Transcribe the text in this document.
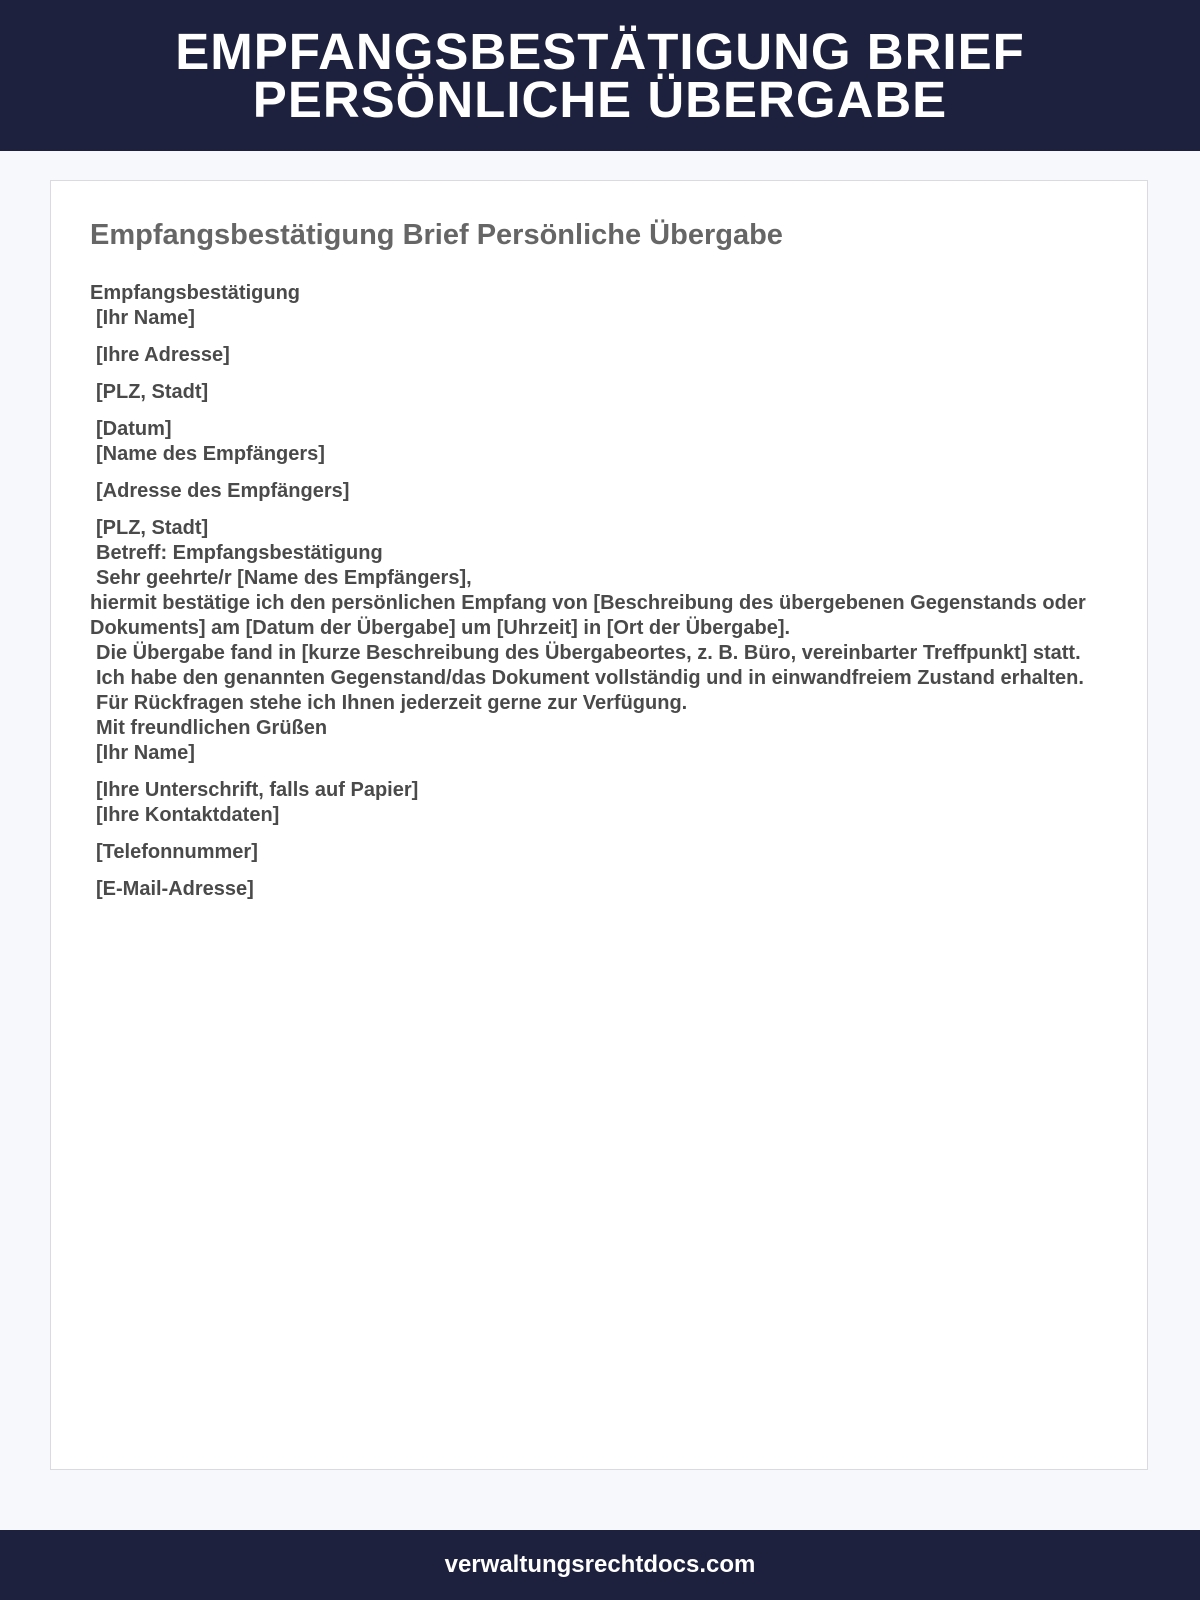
EMPFANGSBESTÄTIGUNG BRIEF
PERSÖNLICHE ÜBERGABE
Empfangsbestätigung Brief Persönliche Übergabe
Empfangsbestätigung
[Ihr Name]
[Ihre Adresse]
[PLZ, Stadt]
[Datum]
[Name des Empfängers]
[Adresse des Empfängers]
[PLZ, Stadt]
Betreff: Empfangsbestätigung
Sehr geehrte/r [Name des Empfängers],
hiermit bestätige ich den persönlichen Empfang von [Beschreibung des übergebenen Gegenstands oder Dokuments] am [Datum der Übergabe] um [Uhrzeit] in [Ort der Übergabe].
Die Übergabe fand in [kurze Beschreibung des Übergabeortes, z. B. Büro, vereinbarter Treffpunkt] statt.
Ich habe den genannten Gegenstand/das Dokument vollständig und in einwandfreiem Zustand erhalten.
Für Rückfragen stehe ich Ihnen jederzeit gerne zur Verfügung.
Mit freundlichen Grüßen
[Ihr Name]
[Ihre Unterschrift, falls auf Papier]
[Ihre Kontaktdaten]
[Telefonnummer]
[E-Mail-Adresse]
verwaltungsrechtdocs.com
